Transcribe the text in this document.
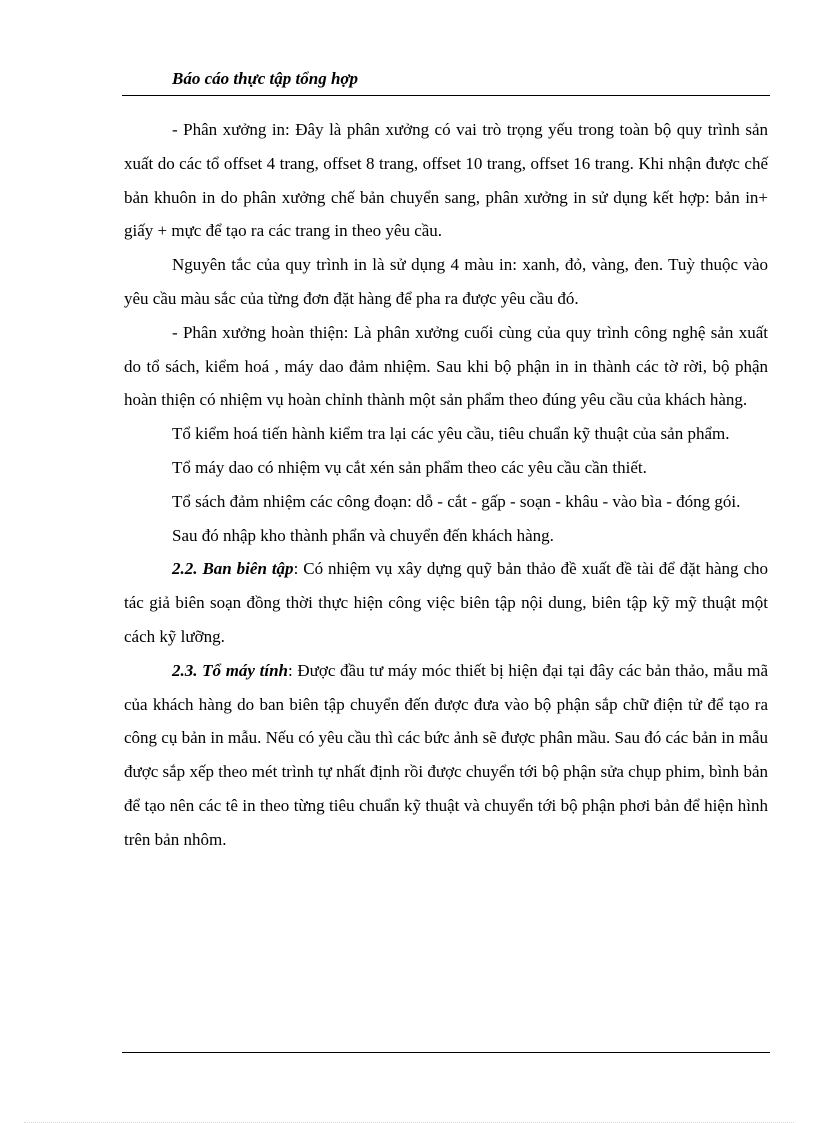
Báo cáo thực tập tổng hợp

- Phân xưởng in: Đây là phân xưởng có vai trò trọng yếu trong toàn bộ quy trình sản xuất do các tổ offset 4 trang, offset 8 trang, offset 10 trang, offset 16 trang. Khi nhận được chế bản khuôn in do phân xưởng chế bản chuyển sang, phân xưởng in sử dụng kết hợp: bản in+ giấy + mực để tạo ra các trang in theo yêu cầu.

Nguyên tắc của quy trình in là sử dụng 4 màu in: xanh, đỏ, vàng, đen. Tuỳ thuộc vào yêu cầu màu sắc của từng đơn đặt hàng để pha ra được yêu cầu đó.

- Phân xưởng hoàn thiện: Là phân xưởng cuối cùng của quy trình công nghệ sản xuất do tổ sách, kiểm hoá , máy dao đảm nhiệm. Sau khi bộ phận in in thành các tờ rời, bộ phận hoàn thiện có nhiệm vụ hoàn chỉnh thành một sản phẩm theo đúng yêu cầu của khách hàng.

Tổ kiểm hoá tiến hành kiểm tra lại các yêu cầu, tiêu chuẩn kỹ thuật của sản phẩm.

Tổ máy dao có nhiệm vụ cắt xén sản phẩm theo các yêu cầu cần thiết.

Tổ sách đảm nhiệm các công đoạn: dỗ - cắt - gấp - soạn - khâu - vào bìa - đóng gói.

Sau đó nhập kho thành phẩn và chuyển đến khách hàng.

2.2. Ban biên tập: Có nhiệm vụ xây dựng quỹ bản thảo đề xuất đề tài để đặt hàng cho tác giả biên soạn đồng thời thực hiện công việc biên tập nội dung, biên tập kỹ mỹ thuật một cách kỹ lưỡng.

2.3. Tổ máy tính: Được đầu tư máy móc thiết bị hiện đại tại đây các bản thảo, mẫu mã của khách hàng do ban biên tập chuyển đến được đưa vào bộ phận sắp chữ điện tử để tạo ra công cụ bản in mẫu. Nếu có yêu cầu thì các bức ảnh sẽ được phân mầu. Sau đó các bản in mẫu được sắp xếp theo mét trình tự nhất định rồi được chuyển tới bộ phận sửa chụp phim, bình bản để tạo nên các tê in theo từng tiêu chuẩn kỹ thuật và chuyển tới bộ phận phơi bản để hiện hình trên bản nhôm.
